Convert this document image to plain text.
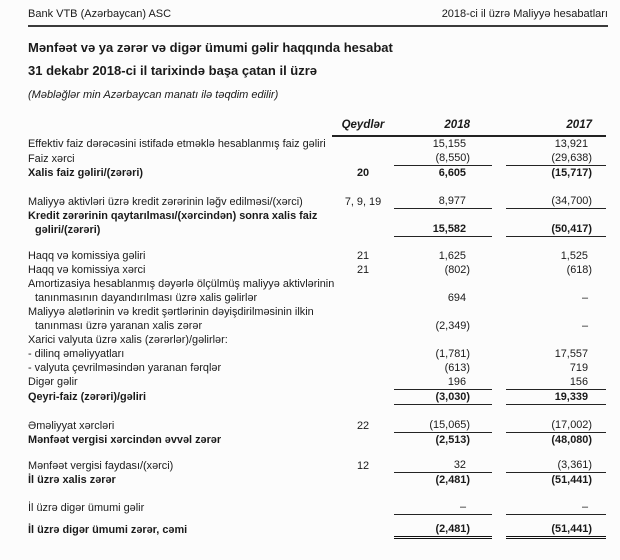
Bank VTB (Azərbaycan) ASC	2018-ci il üzrə Maliyyə hesabatları

Mənfəət və ya zərər və digər ümumi gəlir haqqında hesabat

31 dekabr 2018-ci il tarixində başa çatan il üzrə

(Məbləğlər min Azərbaycan manatı ilə təqdim edilir)

	Qeydlər	2018		2017

Effektiv faiz dərəcəsini istifadə etməklə hesablanmış faiz gəliri		15,155		13,921

Faiz xərci		(8,550)		(29,638)

Xalis faiz gəliri/(zərəri)	20	6,605		(15,717)

Maliyyə aktivləri üzrə kredit zərərinin ləğv edilməsi/(xərci)	7, 9, 19	8,977		(34,700)

Kredit zərərinin qaytarılması/(xərcindən) sonra xalis faiz
gəliri/(zərəri)		15,582		(50,417)

Haqq və komissiya gəliri	21	1,625		1,525

Haqq və komissiya xərci	21	(802)		(618)

Amortizasiya hesablanmış dəyərlə ölçülmüş maliyyə aktivlərinin
tanınmasının dayandırılması üzrə xalis gəlirlər		694		–

Maliyyə alətlərinin və kredit şərtlərinin dəyişdirilməsinin ilkin
tanınması üzrə yaranan xalis zərər		(2,349)		–

Xarici valyuta üzrə xalis (zərərlər)/gəlirlər:				

- dilinq əməliyyatları		(1,781)		17,557

- valyuta çevrilməsindən yaranan fərqlər		(613)		719

Digər gəlir		196		156

Qeyri-faiz (zərəri)/gəliri		(3,030)		19,339

Əməliyyat xərcləri	22	(15,065)		(17,002)

Mənfəət vergisi xərcindən əvvəl zərər		(2,513)		(48,080)

Mənfəət vergisi faydası/(xərci)	12	32		(3,361)

İl üzrə xalis zərər		(2,481)		(51,441)

İl üzrə digər ümumi gəlir		–		–

İl üzrə digər ümumi zərər, cəmi		(2,481)		(51,441)
